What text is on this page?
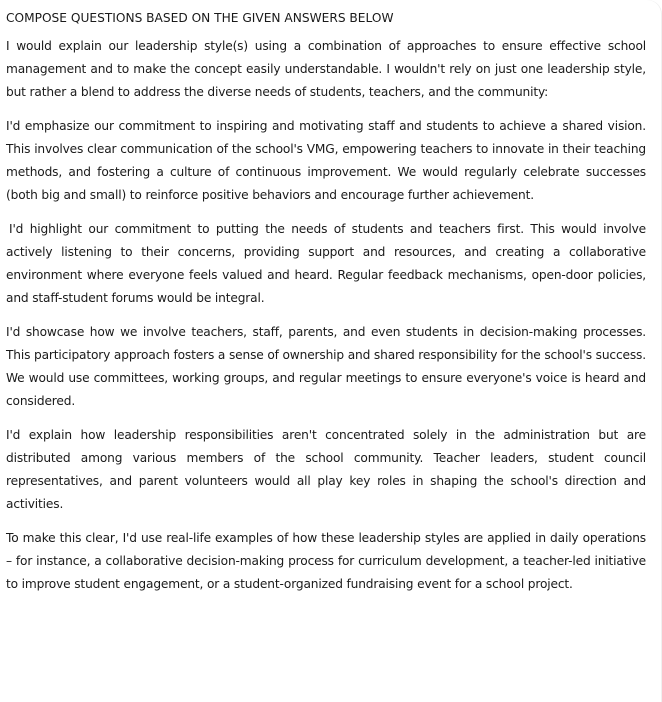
COMPOSE QUESTIONS BASED ON THE GIVEN ANSWERS BELOW

I would explain our leadership style(s) using a combination of approaches to ensure effective school management and to make the concept easily understandable. I wouldn't rely on just one leadership style, but rather a blend to address the diverse needs of students, teachers, and the community:

I'd emphasize our commitment to inspiring and motivating staff and students to achieve a shared vision. This involves clear communication of the school's VMG, empowering teachers to innovate in their teaching methods, and fostering a culture of continuous improvement. We would regularly celebrate successes (both big and small) to reinforce positive behaviors and encourage further achievement.

I'd highlight our commitment to putting the needs of students and teachers first. This would involve actively listening to their concerns, providing support and resources, and creating a collaborative environment where everyone feels valued and heard. Regular feedback mechanisms, open-door policies, and staff-student forums would be integral.

I'd showcase how we involve teachers, staff, parents, and even students in decision-making processes. This participatory approach fosters a sense of ownership and shared responsibility for the school's success. We would use committees, working groups, and regular meetings to ensure everyone's voice is heard and considered.

I'd explain how leadership responsibilities aren't concentrated solely in the administration but are distributed among various members of the school community. Teacher leaders, student council representatives, and parent volunteers would all play key roles in shaping the school's direction and activities.

To make this clear, I'd use real-life examples of how these leadership styles are applied in daily operations – for instance, a collaborative decision-making process for curriculum development, a teacher-led initiative to improve student engagement, or a student-organized fundraising event for a school project.
